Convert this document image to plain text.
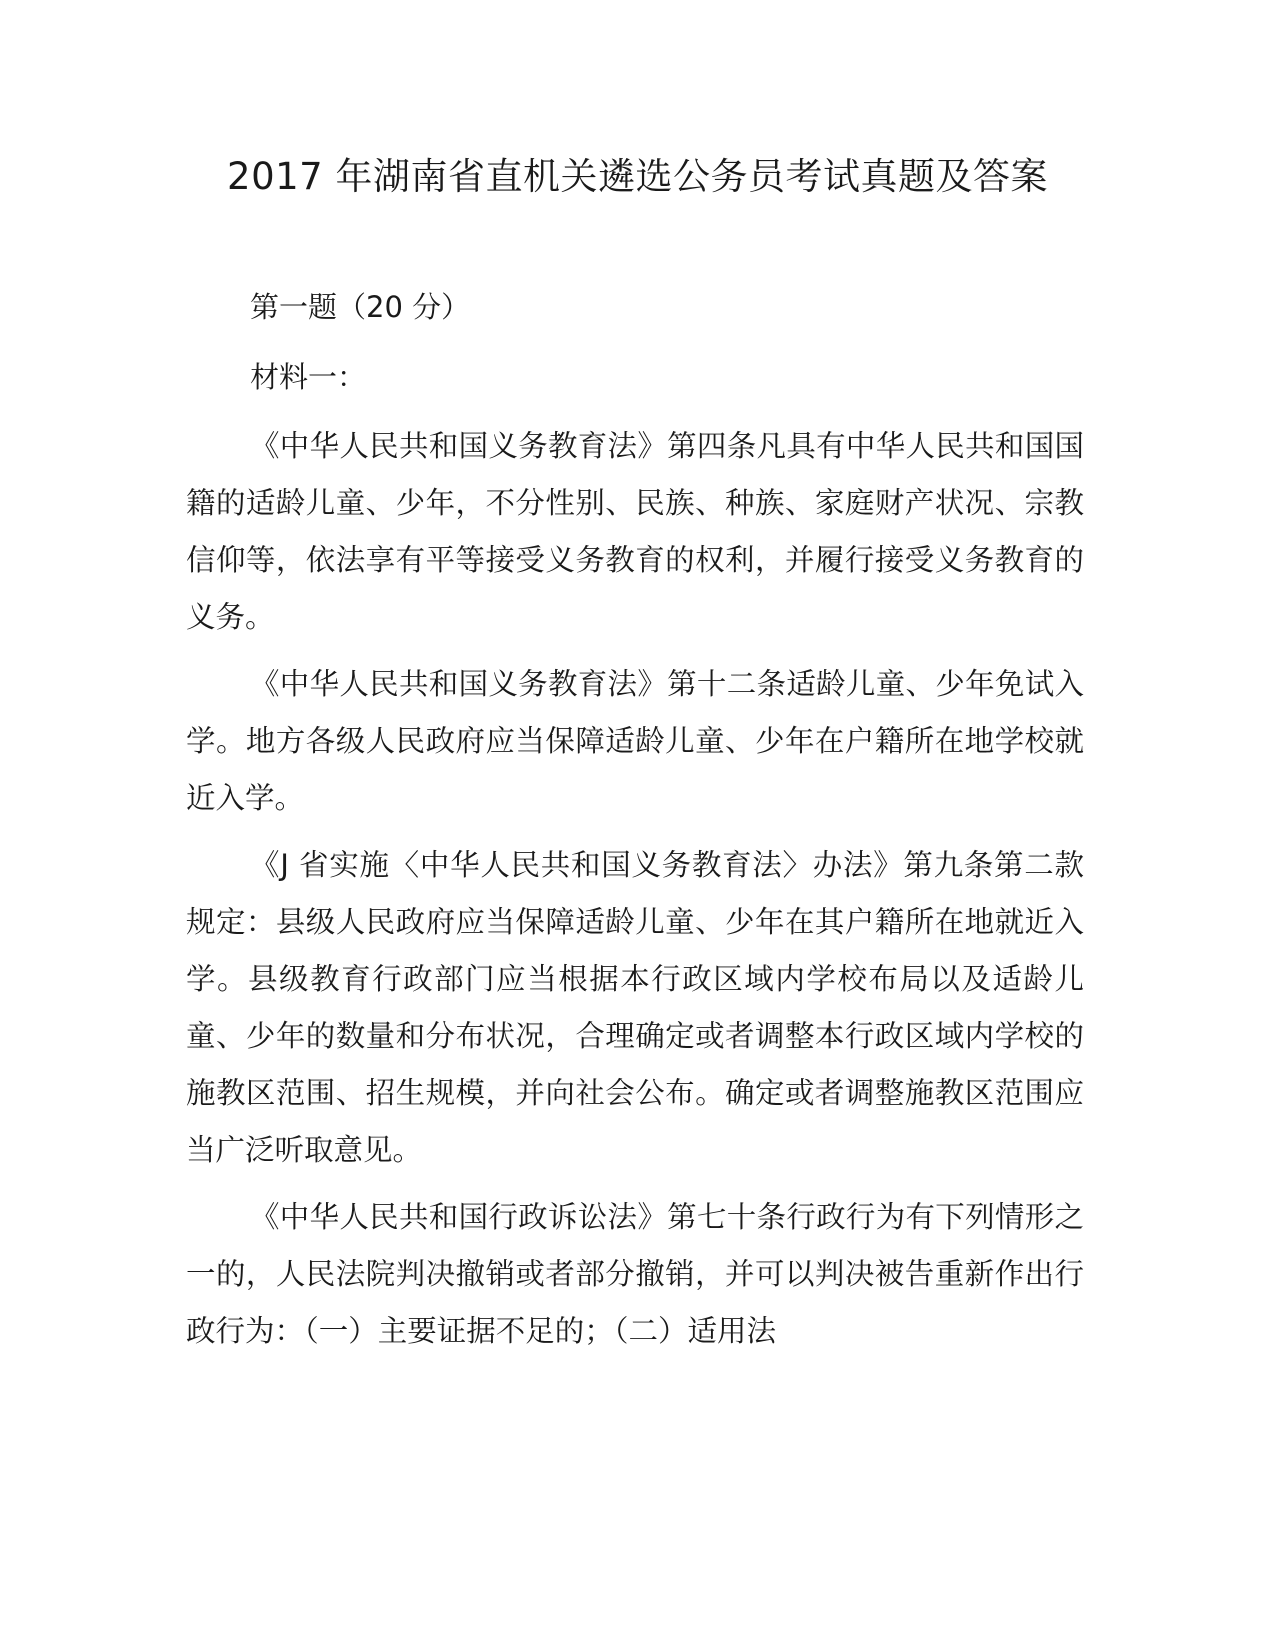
2017 年湖南省直机关遴选公务员考试真题及答案
第一题（20 分）
材料一：

《中华人民共和国义务教育法》第四条凡具有中华人民共和国国籍的适龄儿童、少年，不分性别、民族、种族、家庭财产状况、宗教信仰等，依法享有平等接受义务教育的权利，并履行接受义务教育的义务。

《中华人民共和国义务教育法》第十二条适龄儿童、少年免试入学。地方各级人民政府应当保障适龄儿童、少年在户籍所在地学校就近入学。

《J 省实施〈中华人民共和国义务教育法〉办法》第九条第二款规定：县级人民政府应当保障适龄儿童、少年在其户籍所在地就近入学。县级教育行政部门应当根据本行政区域内学校布局以及适龄儿童、少年的数量和分布状况，合理确定或者调整本行政区域内学校的施教区范围、招生规模，并向社会公布。确定或者调整施教区范围应当广泛听取意见。

《中华人民共和国行政诉讼法》第七十条行政行为有下列情形之一的，人民法院判决撤销或者部分撤销，并可以判决被告重新作出行政行为：（一）主要证据不足的；（二）适用法
